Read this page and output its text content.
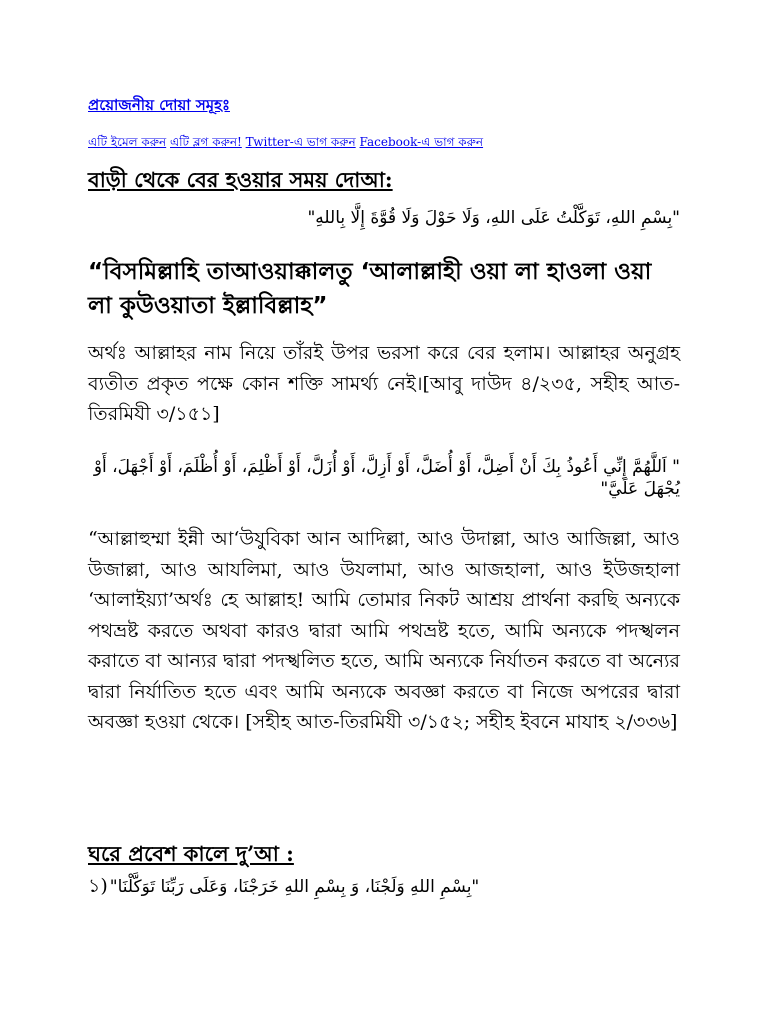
প্রয়োজনীয় দোয়া সমূহঃ
এটি ইমেল করুন এটি ব্লগ করুন! Twitter-এ ভাগ করুন Facebook-এ ভাগ করুন
বাড়ী থেকে বের হওয়ার সময় দোআ:
"بِسْمِ اللهِ، تَوَكَّلْتُ عَلَى اللهِ، وَلَا حَوْلَ وَلَا قُوَّةَ إِلَّا بِاللهِ"
“বিসমিল্লাহি তাআওয়াক্কালতু ‘আলাল্লাহী ওয়া লা হাওলা ওয়া লা কুউওয়াতা ইল্লাবিল্লাহ”
অর্থঃ আল্লাহর নাম নিয়ে তাঁরই উপর ভরসা করে বের হলাম। আল্লাহর অনুগ্রহ ব্যতীত প্রকৃত পক্ষে কোন শক্তি সামর্থ্য নেই।[আবু দাউদ ৪/২৩৫, সহীহ আত-তিরমিযী ৩/১৫১]
" اَللَّهُمَّ إِنِّي أَعُوذُ بِكَ أَنْ أَضِلَّ، أَوْ أُضَلَّ، أَوْ أَزِلَّ، أَوْ أُزَلَّ، أَوْ أَظْلِمَ، أَوْ أُظْلَمَ، أَوْ أَجْهَلَ، أَوْ يُجْهَلَ عَلَيَّ"
“আল্লাহুম্মা ইন্নী আ‘উযুবিকা আন আদিল্লা, আও উদাল্লা, আও আজিল্লা, আও উজাল্লা, আও আযলিমা, আও উযলামা, আও আজহালা, আও ইউজহালা ‘আলাইয়্যা’অর্থঃ হে আল্লাহ! আমি তোমার নিকট আশ্রয় প্রার্থনা করছি অন্যকে পথভ্রষ্ট করতে অথবা কারও দ্বারা আমি পথভ্রষ্ট হতে, আমি অন্যকে পদস্খলন করাতে বা আন্যর দ্বারা পদস্খলিত হতে, আমি অন্যকে নির্যাতন করতে বা অন্যের দ্বারা নির্যাতিত হতে এবং আমি অন্যকে অবজ্ঞা করতে বা নিজে অপরের দ্বারা অবজ্ঞা হওয়া থেকে। [সহীহ আত-তিরমিযী ৩/১৫২; সহীহ ইবনে মাযাহ ২/৩৩৬]
ঘরে প্রবেশ কালে দু’আ :
১) "بِسْمِ اللهِ وَلَجْنَا، وَ بِسْمِ اللهِ خَرَجْنَا، وَعَلَى رَبِّنَا تَوَكَّلْنَا"
